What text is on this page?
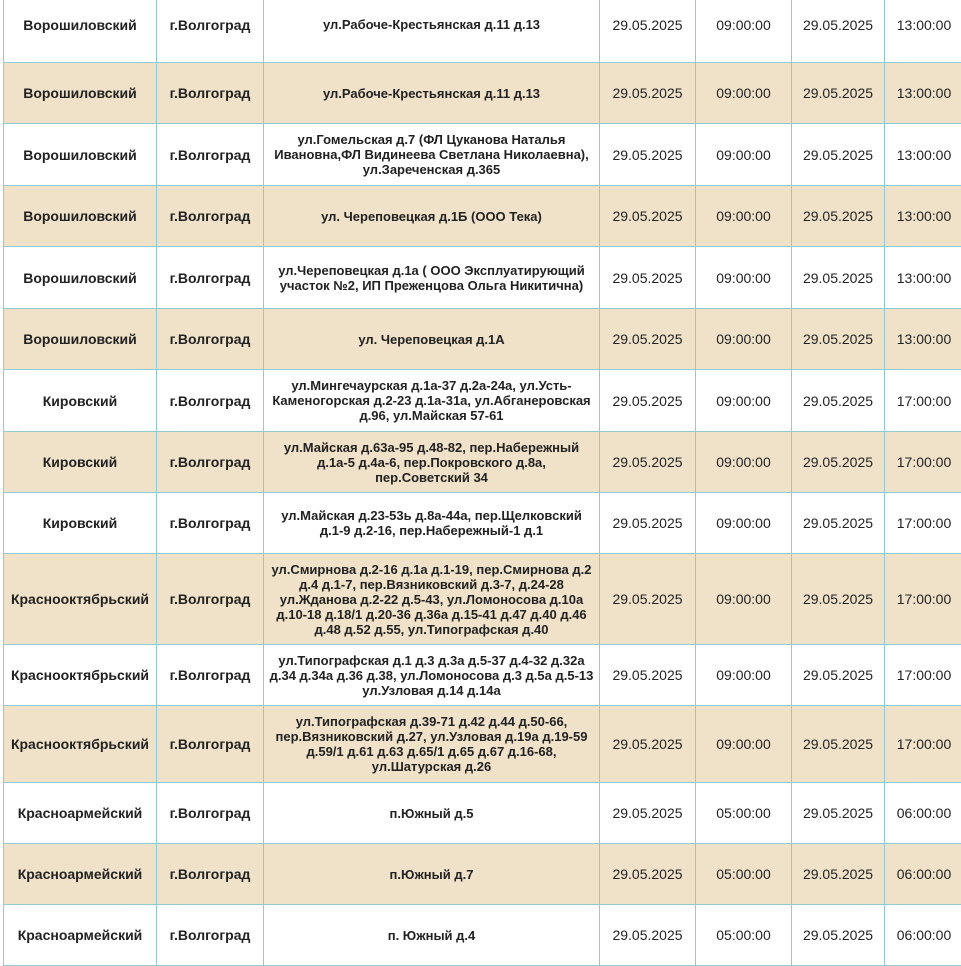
Ворошиловский	г.Волгоград	ул.Рабоче-Крестьянская д.11 д.13	29.05.2025	09:00:00	29.05.2025	13:00:00	
Ворошиловский	г.Волгоград	ул.Рабоче-Крестьянская д.11 д.13	29.05.2025	09:00:00	29.05.2025	13:00:00	
Ворошиловский	г.Волгоград	ул.Гомельская д.7 (ФЛ Цуканова Наталья Ивановна,ФЛ Видинеева Светлана Николаевна), ул.Зареченская д.365	29.05.2025	09:00:00	29.05.2025	13:00:00	
Ворошиловский	г.Волгоград	ул. Череповецкая д.1Б (ООО Тека)	29.05.2025	09:00:00	29.05.2025	13:00:00	
Ворошиловский	г.Волгоград	ул.Череповецкая д.1а ( ООО Эксплуатирующий участок №2, ИП Преженцова Ольга Никитична)	29.05.2025	09:00:00	29.05.2025	13:00:00	
Ворошиловский	г.Волгоград	ул. Череповецкая д.1А	29.05.2025	09:00:00	29.05.2025	13:00:00	
Кировский	г.Волгоград	ул.Мингечаурская д.1а-37 д.2а-24а, ул.Усть-Каменогорская д.2-23 д.1а-31а, ул.Абганеровская д.96, ул.Майская 57-61	29.05.2025	09:00:00	29.05.2025	17:00:00	
Кировский	г.Волгоград	ул.Майская д.63а-95 д.48-82, пер.Набережный д.1а-5 д.4а-6, пер.Покровского д.8а, пер.Советский 34	29.05.2025	09:00:00	29.05.2025	17:00:00	
Кировский	г.Волгоград	ул.Майская д.23-53ь д.8а-44а, пер.Щелковский д.1-9 д.2-16, пер.Набережный-1 д.1	29.05.2025	09:00:00	29.05.2025	17:00:00	
Краснооктябрьский	г.Волгоград	ул.Смирнова д.2-16 д.1а д.1-19, пер.Смирнова д.2 д.4 д.1-7, пер.Вязниковский д.3-7, д.24-28 ул.Жданова д.2-22 д.5-43, ул.Ломоносова д.10а д.10-18 д.18/1 д.20-36 д.36а д.15-41 д.47 д.40 д.46 д.48 д.52 д.55, ул.Типографская д.40	29.05.2025	09:00:00	29.05.2025	17:00:00	
Краснооктябрьский	г.Волгоград	ул.Типографская д.1 д.3 д.3а д.5-37 д.4-32 д.32а д.34 д.34а д.36 д.38, ул.Ломоносова д.3 д.5а д.5-13 ул.Узловая д.14 д.14а	29.05.2025	09:00:00	29.05.2025	17:00:00	
Краснооктябрьский	г.Волгоград	ул.Типографская д.39-71 д.42 д.44 д.50-66, пер.Вязниковский д.27, ул.Узловая д.19а д.19-59 д.59/1 д.61 д.63 д.65/1 д.65 д.67 д.16-68, ул.Шатурская д.26	29.05.2025	09:00:00	29.05.2025	17:00:00	
Красноармейский	г.Волгоград	п.Южный д.5	29.05.2025	05:00:00	29.05.2025	06:00:00	
Красноармейский	г.Волгоград	п.Южный д.7	29.05.2025	05:00:00	29.05.2025	06:00:00	
Красноармейский	г.Волгоград	п. Южный д.4	29.05.2025	05:00:00	29.05.2025	06:00:00	
